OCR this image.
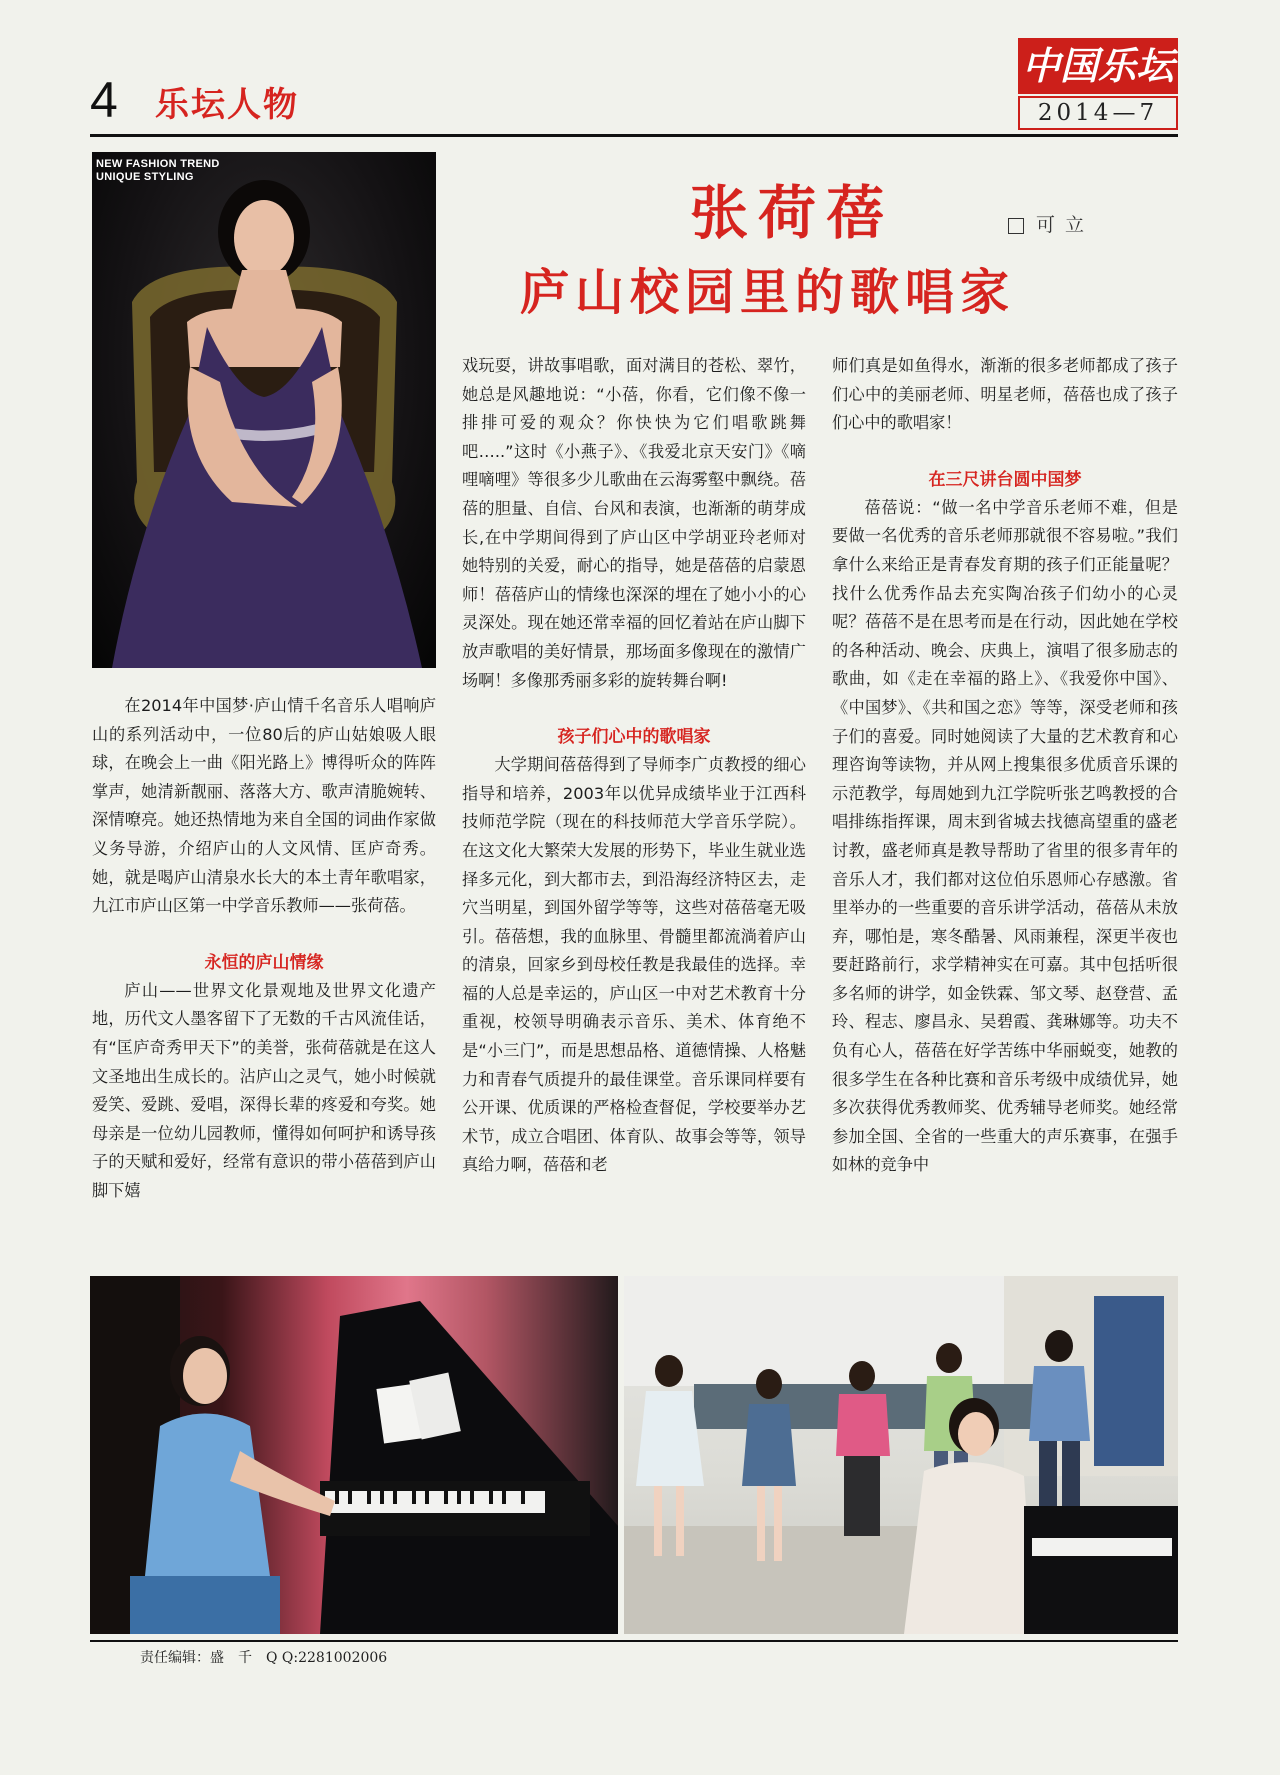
4 乐坛人物
中国乐坛
2014—7
NEW FASHION TREND
UNIQUE STYLING
张荷蓓	可立
庐山校园里的歌唱家

在2014年中国梦·庐山情千名音乐人唱响庐山的系列活动中，一位80后的庐山姑娘吸人眼球，在晚会上一曲《阳光路上》博得听众的阵阵掌声，她清新靓丽、落落大方、歌声清脆婉转、深情嘹亮。她还热情地为来自全国的词曲作家做义务导游，介绍庐山的人文风情、匡庐奇秀。她，就是喝庐山清泉水长大的本土青年歌唱家，九江市庐山区第一中学音乐教师——张荷蓓。

永恒的庐山情缘

庐山——世界文化景观地及世界文化遗产地，历代文人墨客留下了无数的千古风流佳话，有“匡庐奇秀甲天下”的美誉，张荷蓓就是在这人文圣地出生成长的。沾庐山之灵气，她小时候就爱笑、爱跳、爱唱，深得长辈的疼爱和夸奖。她母亲是一位幼儿园教师，懂得如何呵护和诱导孩子的天赋和爱好，经常有意识的带小蓓蓓到庐山脚下嬉

戏玩耍，讲故事唱歌，面对满目的苍松、翠竹，她总是风趣地说：“小蓓，你看，它们像不像一排排可爱的观众？你快快为它们唱歌跳舞吧…..”这时《小燕子》、《我爱北京天安门》《嘀哩嘀哩》等很多少儿歌曲在云海雾壑中飘绕。蓓蓓的胆量、自信、台风和表演，也渐渐的萌芽成长,在中学期间得到了庐山区中学胡亚玲老师对她特别的关爱，耐心的指导，她是蓓蓓的启蒙恩师！蓓蓓庐山的情缘也深深的埋在了她小小的心灵深处。现在她还常幸福的回忆着站在庐山脚下放声歌唱的美好情景，那场面多像现在的激情广场啊！多像那秀丽多彩的旋转舞台啊!

孩子们心中的歌唱家

大学期间蓓蓓得到了导师李广贞教授的细心指导和培养，2003年以优异成绩毕业于江西科技师范学院（现在的科技师范大学音乐学院）。在这文化大繁荣大发展的形势下，毕业生就业选择多元化，到大都市去，到沿海经济特区去，走穴当明星，到国外留学等等，这些对蓓蓓毫无吸引。蓓蓓想，我的血脉里、骨髓里都流淌着庐山的清泉，回家乡到母校任教是我最佳的选择。幸福的人总是幸运的，庐山区一中对艺术教育十分重视，校领导明确表示音乐、美术、体育绝不是“小三门”，而是思想品格、道德情操、人格魅力和青春气质提升的最佳课堂。音乐课同样要有公开课、优质课的严格检查督促，学校要举办艺术节，成立合唱团、体育队、故事会等等，领导真给力啊，蓓蓓和老

师们真是如鱼得水，渐渐的很多老师都成了孩子们心中的美丽老师、明星老师，蓓蓓也成了孩子们心中的歌唱家！

在三尺讲台圆中国梦

蓓蓓说：“做一名中学音乐老师不难，但是要做一名优秀的音乐老师那就很不容易啦。”我们拿什么来给正是青春发育期的孩子们正能量呢？找什么优秀作品去充实陶冶孩子们幼小的心灵呢？蓓蓓不是在思考而是在行动，因此她在学校的各种活动、晚会、庆典上，演唱了很多励志的歌曲，如《走在幸福的路上》、《我爱你中国》、《中国梦》、《共和国之恋》等等，深受老师和孩子们的喜爱。同时她阅读了大量的艺术教育和心理咨询等读物，并从网上搜集很多优质音乐课的示范教学，每周她到九江学院听张艺鸣教授的合唱排练指挥课，周末到省城去找德高望重的盛老讨教，盛老师真是教导帮助了省里的很多青年的音乐人才，我们都对这位伯乐恩师心存感激。省里举办的一些重要的音乐讲学活动，蓓蓓从未放弃，哪怕是，寒冬酷暑、风雨兼程，深更半夜也要赶路前行，求学精神实在可嘉。其中包括听很多名师的讲学，如金铁霖、邹文琴、赵登营、孟玲、程志、廖昌永、吴碧霞、龚琳娜等。功夫不负有心人，蓓蓓在好学苦练中华丽蜕变，她教的很多学生在各种比赛和音乐考级中成绩优异，她多次获得优秀教师奖、优秀辅导老师奖。她经常参加全国、全省的一些重大的声乐赛事，在强手如林的竞争中

责任编辑：盛　千　Q Q:2281002006
